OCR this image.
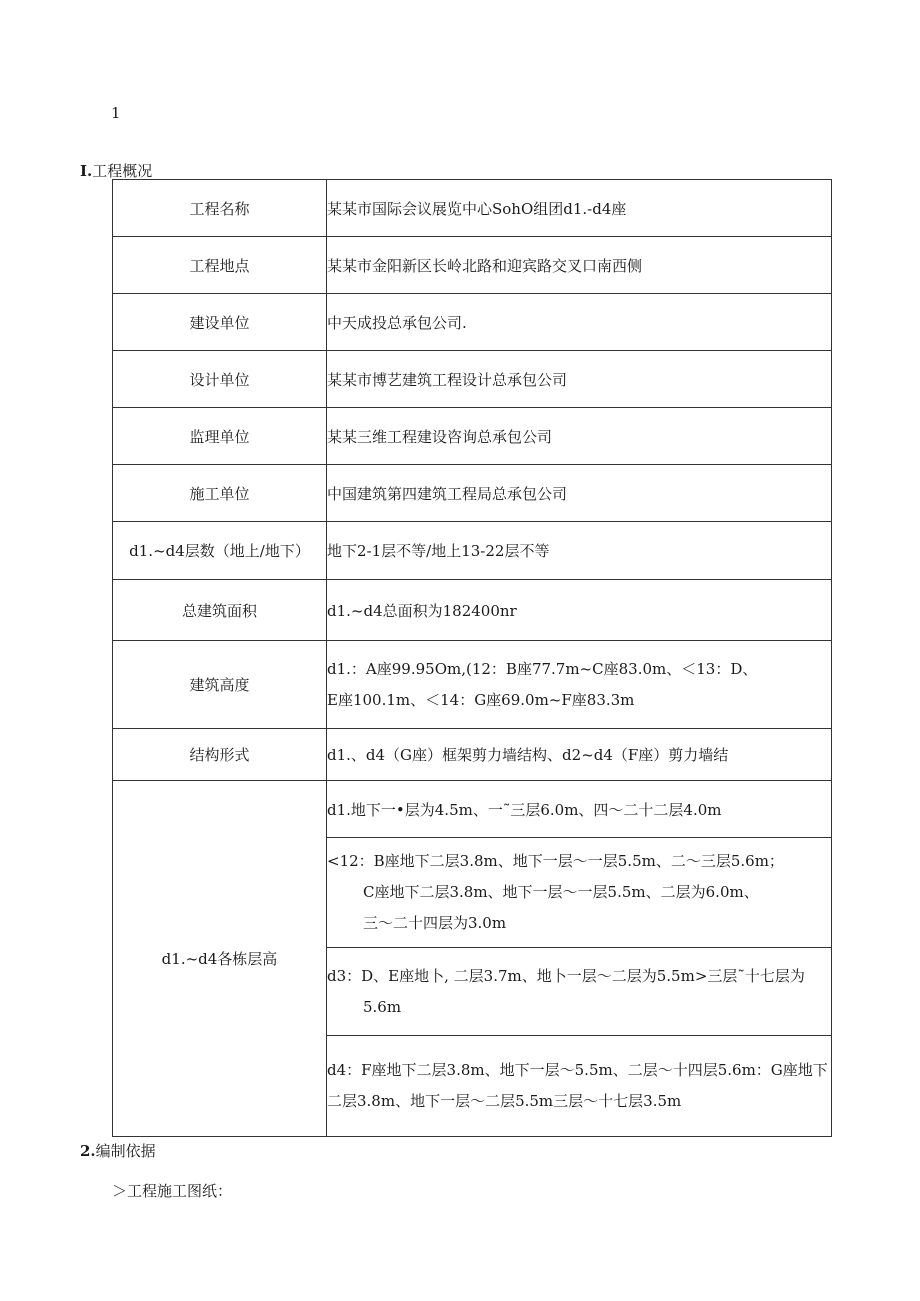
1
I.工程概况
工程名称	某某市国际会议展览中心SohO组团d1.-d4座
工程地点	某某市金阳新区长岭北路和迎宾路交叉口南西侧
建设单位	中天成投总承包公司.
设计单位	某某市博艺建筑工程设计总承包公司
监理单位	某某三维工程建设咨询总承包公司
施工单位	中国建筑第四建筑工程局总承包公司
d1.~d4层数（地上/地下）	地下2-1层不等/地上13-22层不等
总建筑面积	d1.~d4总面积为182400nr
建筑高度	d1.：A座99.95Om,(12：B座77.7m~C座83.0m、＜13：D、
E座100.1m、＜14：G座69.0m~F座83.3m

结构形式	d1.、d4（G座）框架剪力墙结构、d2~d4（F座）剪力墙结
d1.~d4各栋层高	d1.地下一•层为4.5m、一˜三层6.0m、四～二十二层4.0m

	<12：B座地下二层3.8m、地下一层～一层5.5m、二～三层5.6m；
C座地下二层3.8m、地下一层～一层5.5m、二层为6.0m、
三～二十四层为3.0m

	d3：D、E座地卜, 二层3.7m、地卜一层～二层为5.5m>三层˜十七层为
5.6m

	d4：F座地下二层3.8m、地下一层～5.5m、二层～十四层5.6m：G座地下
二层3.8m、地下一层～二层5.5m三层～十七层3.5m
2.编制依据
＞工程施工图纸：
